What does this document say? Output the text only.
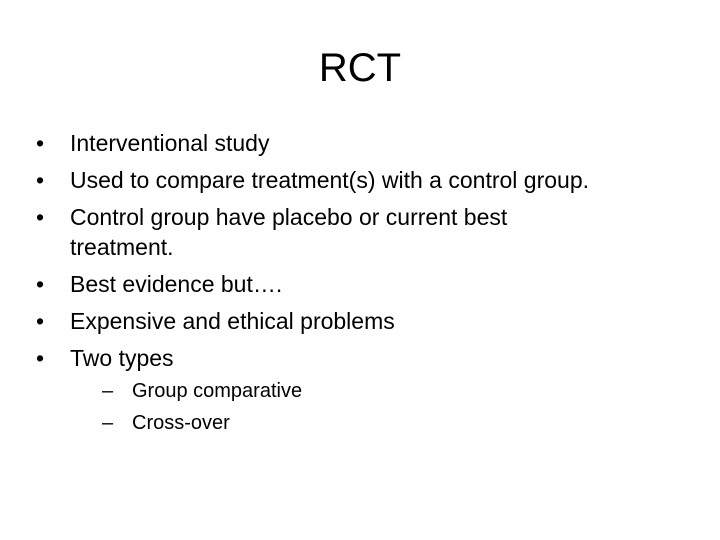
RCT
•	Interventional study
•	Used to compare treatment(s) with a control group.
•	Control group have placebo or current best treatment.
•	Best evidence but….
•	Expensive and ethical problems
•	Two types
– Group comparative
– Cross-over
